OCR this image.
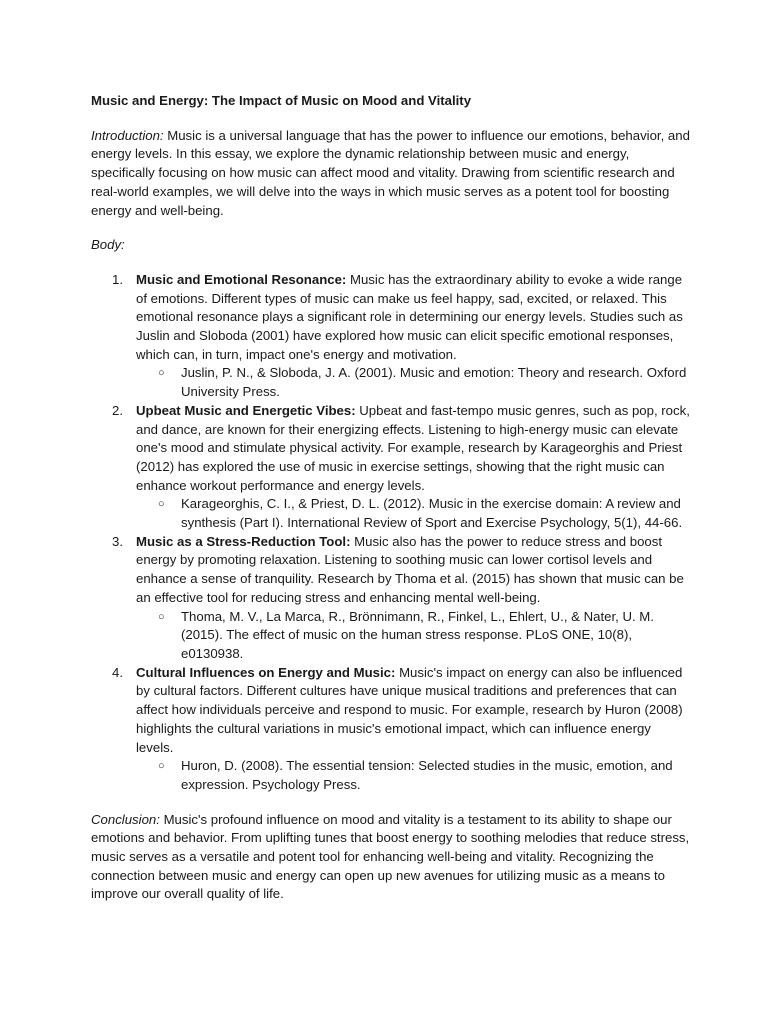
Music and Energy: The Impact of Music on Mood and Vitality

Introduction: Music is a universal language that has the power to influence our emotions, behavior, and energy levels. In this essay, we explore the dynamic relationship between music and energy, specifically focusing on how music can affect mood and vitality. Drawing from scientific research and real-world examples, we will delve into the ways in which music serves as a potent tool for boosting energy and well-being.

Body:

1. Music and Emotional Resonance: Music has the extraordinary ability to evoke a wide range of emotions. Different types of music can make us feel happy, sad, excited, or relaxed. This emotional resonance plays a significant role in determining our energy levels. Studies such as Juslin and Sloboda (2001) have explored how music can elicit specific emotional responses, which can, in turn, impact one's energy and motivation.
○ Juslin, P. N., & Sloboda, J. A. (2001). Music and emotion: Theory and research. Oxford University Press.
2. Upbeat Music and Energetic Vibes: Upbeat and fast-tempo music genres, such as pop, rock, and dance, are known for their energizing effects. Listening to high-energy music can elevate one's mood and stimulate physical activity. For example, research by Karageorghis and Priest (2012) has explored the use of music in exercise settings, showing that the right music can enhance workout performance and energy levels.
○ Karageorghis, C. I., & Priest, D. L. (2012). Music in the exercise domain: A review and synthesis (Part I). International Review of Sport and Exercise Psychology, 5(1), 44-66.
3. Music as a Stress-Reduction Tool: Music also has the power to reduce stress and boost energy by promoting relaxation. Listening to soothing music can lower cortisol levels and enhance a sense of tranquility. Research by Thoma et al. (2015) has shown that music can be an effective tool for reducing stress and enhancing mental well-being.
○ Thoma, M. V., La Marca, R., Brönnimann, R., Finkel, L., Ehlert, U., & Nater, U. M. (2015). The effect of music on the human stress response. PLoS ONE, 10(8), e0130938.
4. Cultural Influences on Energy and Music: Music's impact on energy can also be influenced by cultural factors. Different cultures have unique musical traditions and preferences that can affect how individuals perceive and respond to music. For example, research by Huron (2008) highlights the cultural variations in music's emotional impact, which can influence energy levels.
○ Huron, D. (2008). The essential tension: Selected studies in the music, emotion, and expression. Psychology Press.

Conclusion: Music's profound influence on mood and vitality is a testament to its ability to shape our emotions and behavior. From uplifting tunes that boost energy to soothing melodies that reduce stress, music serves as a versatile and potent tool for enhancing well-being and vitality. Recognizing the connection between music and energy can open up new avenues for utilizing music as a means to improve our overall quality of life.
